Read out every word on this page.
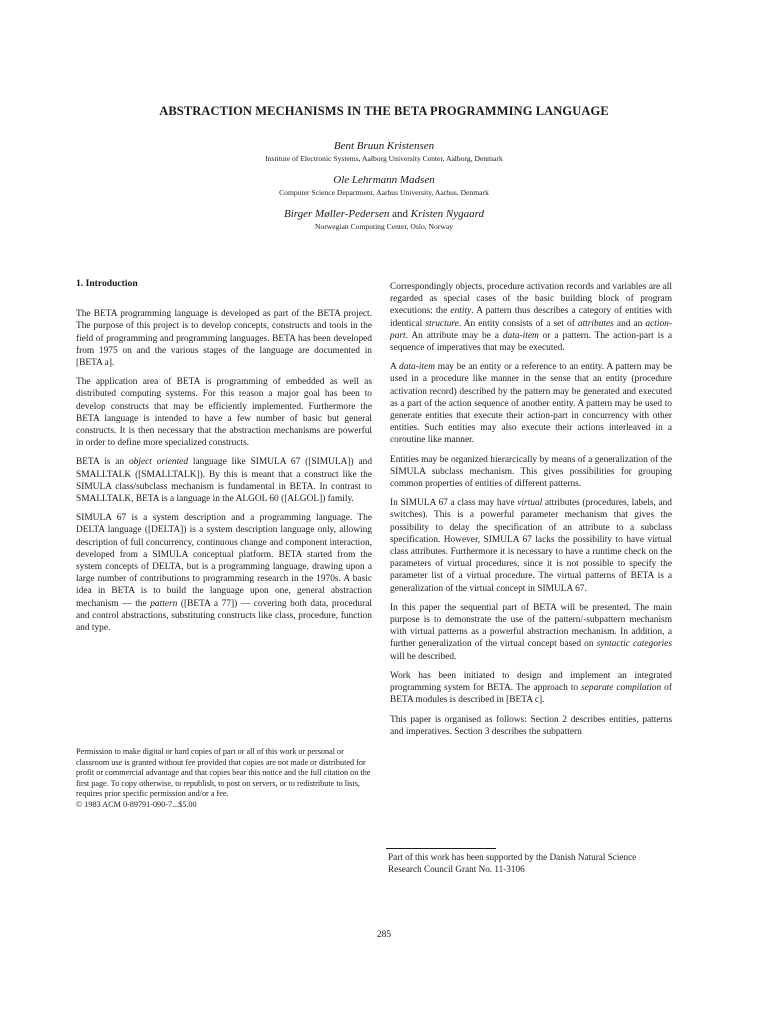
ABSTRACTION MECHANISMS IN THE BETA PROGRAMMING LANGUAGE
Bent Bruun Kristensen
Institute of Electronic Systems, Aalborg University Center, Aalborg, Denmark
Ole Lehrmann Madsen
Computer Science Department, Aarhus University, Aarhus, Denmark
Birger Møller-Pedersen and Kristen Nygaard
Norwegian Computing Center, Oslo, Norway
1. Introduction

The BETA programming language is developed as part of the BETA project. The purpose of this project is to develop concepts, constructs and tools in the field of programming and programming languages. BETA has been developed from 1975 on and the various stages of the language are documented in [BETA a].

The application area of BETA is programming of embedded as well as distributed computing systems. For this reason a major goal has been to develop constructs that may be efficiently implemented. Furthermore the BETA language is intended to have a few number of basic but general constructs. It is then necessary that the abstraction mechanisms are powerful in order to define more specialized constructs.

BETA is an object oriented language like SIMULA 67 ([SIMULA]) and SMALLTALK ([SMALLTALK]). By this is meant that a construct like the SIMULA class/subclass mechanism is fundamental in BETA. In contrast to SMALLTALK, BETA is a language in the ALGOL 60 ([ALGOL]) family.

SIMULA 67 is a system description and a programming language. The DELTA language ([DELTA]) is a system description language only, allowing description of full concurrency, continuous change and component interaction, developed from a SIMULA conceptual platform. BETA started from the system concepts of DELTA, but is a programming language, drawing upon a large number of contributions to programming research in the 1970s. A basic idea in BETA is to build the language upon one, general abstraction mechanism — the pattern ([BETA a 77]) — covering both data, procedural and control abstractions, substituting constructs like class, procedure, function and type.

Permission to make digital or hard copies of part or all of this work or personal or classroom use is granted without fee provided that copies are not made or distributed for profit or commercial advantage and that copies bear this notice and the full citation on the first page. To copy otherwise, to republish, to post on servers, or to redistribute to lists, requires prior specific permission and/or a fee.
© 1983 ACM 0-89791-090-7...$5.00

Correspondingly objects, procedure activation records and variables are all regarded as special cases of the basic building block of program executions: the entity. A pattern thus describes a category of entities with identical structure. An entity consists of a set of attributes and an action-part. An attribute may be a data-item or a pattern. The action-part is a sequence of imperatives that may be executed.

A data-item may be an entity or a reference to an entity. A pattern may be used in a procedure like manner in the sense that an entity (procedure activation record) described by the pattern may be generated and executed as a part of the action sequence of another entity. A pattern may be used to generate entities that execute their action-part in concurrency with other entities. Such entities may also execute their actions interleaved in a coroutine like manner.

Entities may be organized hierarcically by means of a generalization of the SIMULA subclass mechanism. This gives possibilities for grouping common properties of entities of different patterns.

In SIMULA 67 a class may have virtual attributes (procedures, labels, and switches). This is a powerful parameter mechanism that gives the possibility to delay the specification of an attribute to a subclass specification. However, SIMULA 67 lacks the possibility to have virtual class attributes. Furthermore it is necessary to have a runtime check on the parameters of virtual procedures, since it is not possible to specify the parameter list of a virtual procedure. The virtual patterns of BETA is a generalization of the virtual concept in SIMULA 67.

In this paper the sequential part of BETA will be presented. The main purpose is to demonstrate the use of the pattern/-subpattern mechanism with virtual patterns as a powerful abstraction mechanism. In addition, a further generalization of the virtual concept based on syntactic categories will be described.

Work has been initiated to design and implement an integrated programming system for BETA. The approach to separate compilation of BETA modules is described in [BETA c].

This paper is organised as follows: Section 2 describes entities, patterns and imperatives. Section 3 describes the subpattern

Part of this work has been supported by the Danish Natural Science Research Council Grant No. 11-3106
285
